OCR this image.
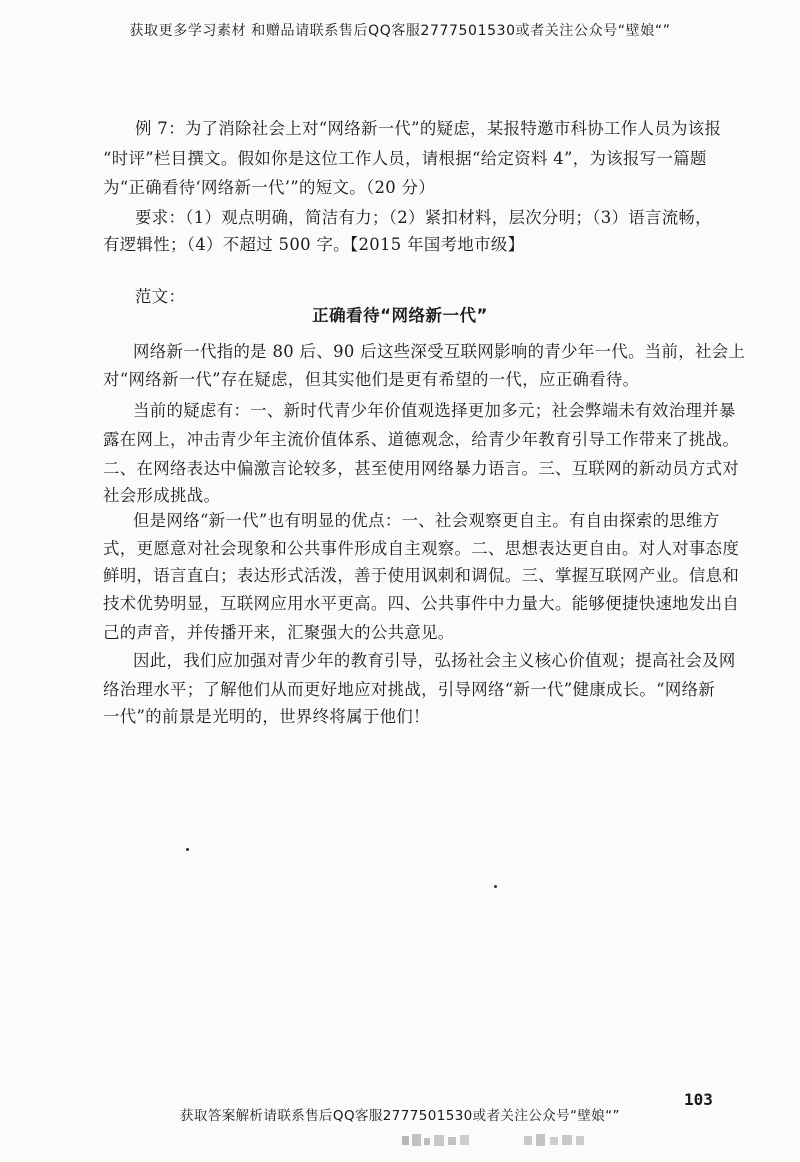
获取更多学习素材 和赠品请联系售后QQ客服2777501530或者关注公众号“壁娘“”
例 7：为了消除社会上对“网络新一代”的疑虑，某报特邀市科协工作人员为该报
“时评”栏目撰文。假如你是这位工作人员，请根据“给定资料 4”，为该报写一篇题
为“正确看待‘网络新一代’”的短文。（20 分）
要求：（1）观点明确，简洁有力；（2）紧扣材料，层次分明；（3）语言流畅，
有逻辑性；（4）不超过 500 字。【2015 年国考地市级】
范文：
正确看待“网络新一代”
网络新一代指的是 80 后、90 后这些深受互联网影响的青少年一代。当前，社会上
对“网络新一代”存在疑虑，但其实他们是更有希望的一代，应正确看待。
当前的疑虑有：一、新时代青少年价值观选择更加多元；社会弊端未有效治理并暴
露在网上，冲击青少年主流价值体系、道德观念，给青少年教育引导工作带来了挑战。
二、在网络表达中偏激言论较多，甚至使用网络暴力语言。三、互联网的新动员方式对
社会形成挑战。
但是网络“新一代”也有明显的优点：一、社会观察更自主。有自由探索的思维方
式，更愿意对社会现象和公共事件形成自主观察。二、思想表达更自由。对人对事态度
鲜明，语言直白；表达形式活泼，善于使用讽刺和调侃。三、掌握互联网产业。信息和
技术优势明显，互联网应用水平更高。四、公共事件中力量大。能够便捷快速地发出自
己的声音，并传播开来，汇聚强大的公共意见。
因此，我们应加强对青少年的教育引导，弘扬社会主义核心价值观；提高社会及网
络治理水平；了解他们从而更好地应对挑战，引导网络“新一代”健康成长。“网络新
一代”的前景是光明的，世界终将属于他们！
103
获取答案解析请联系售后QQ客服2777501530或者关注公众号“壁娘“”
